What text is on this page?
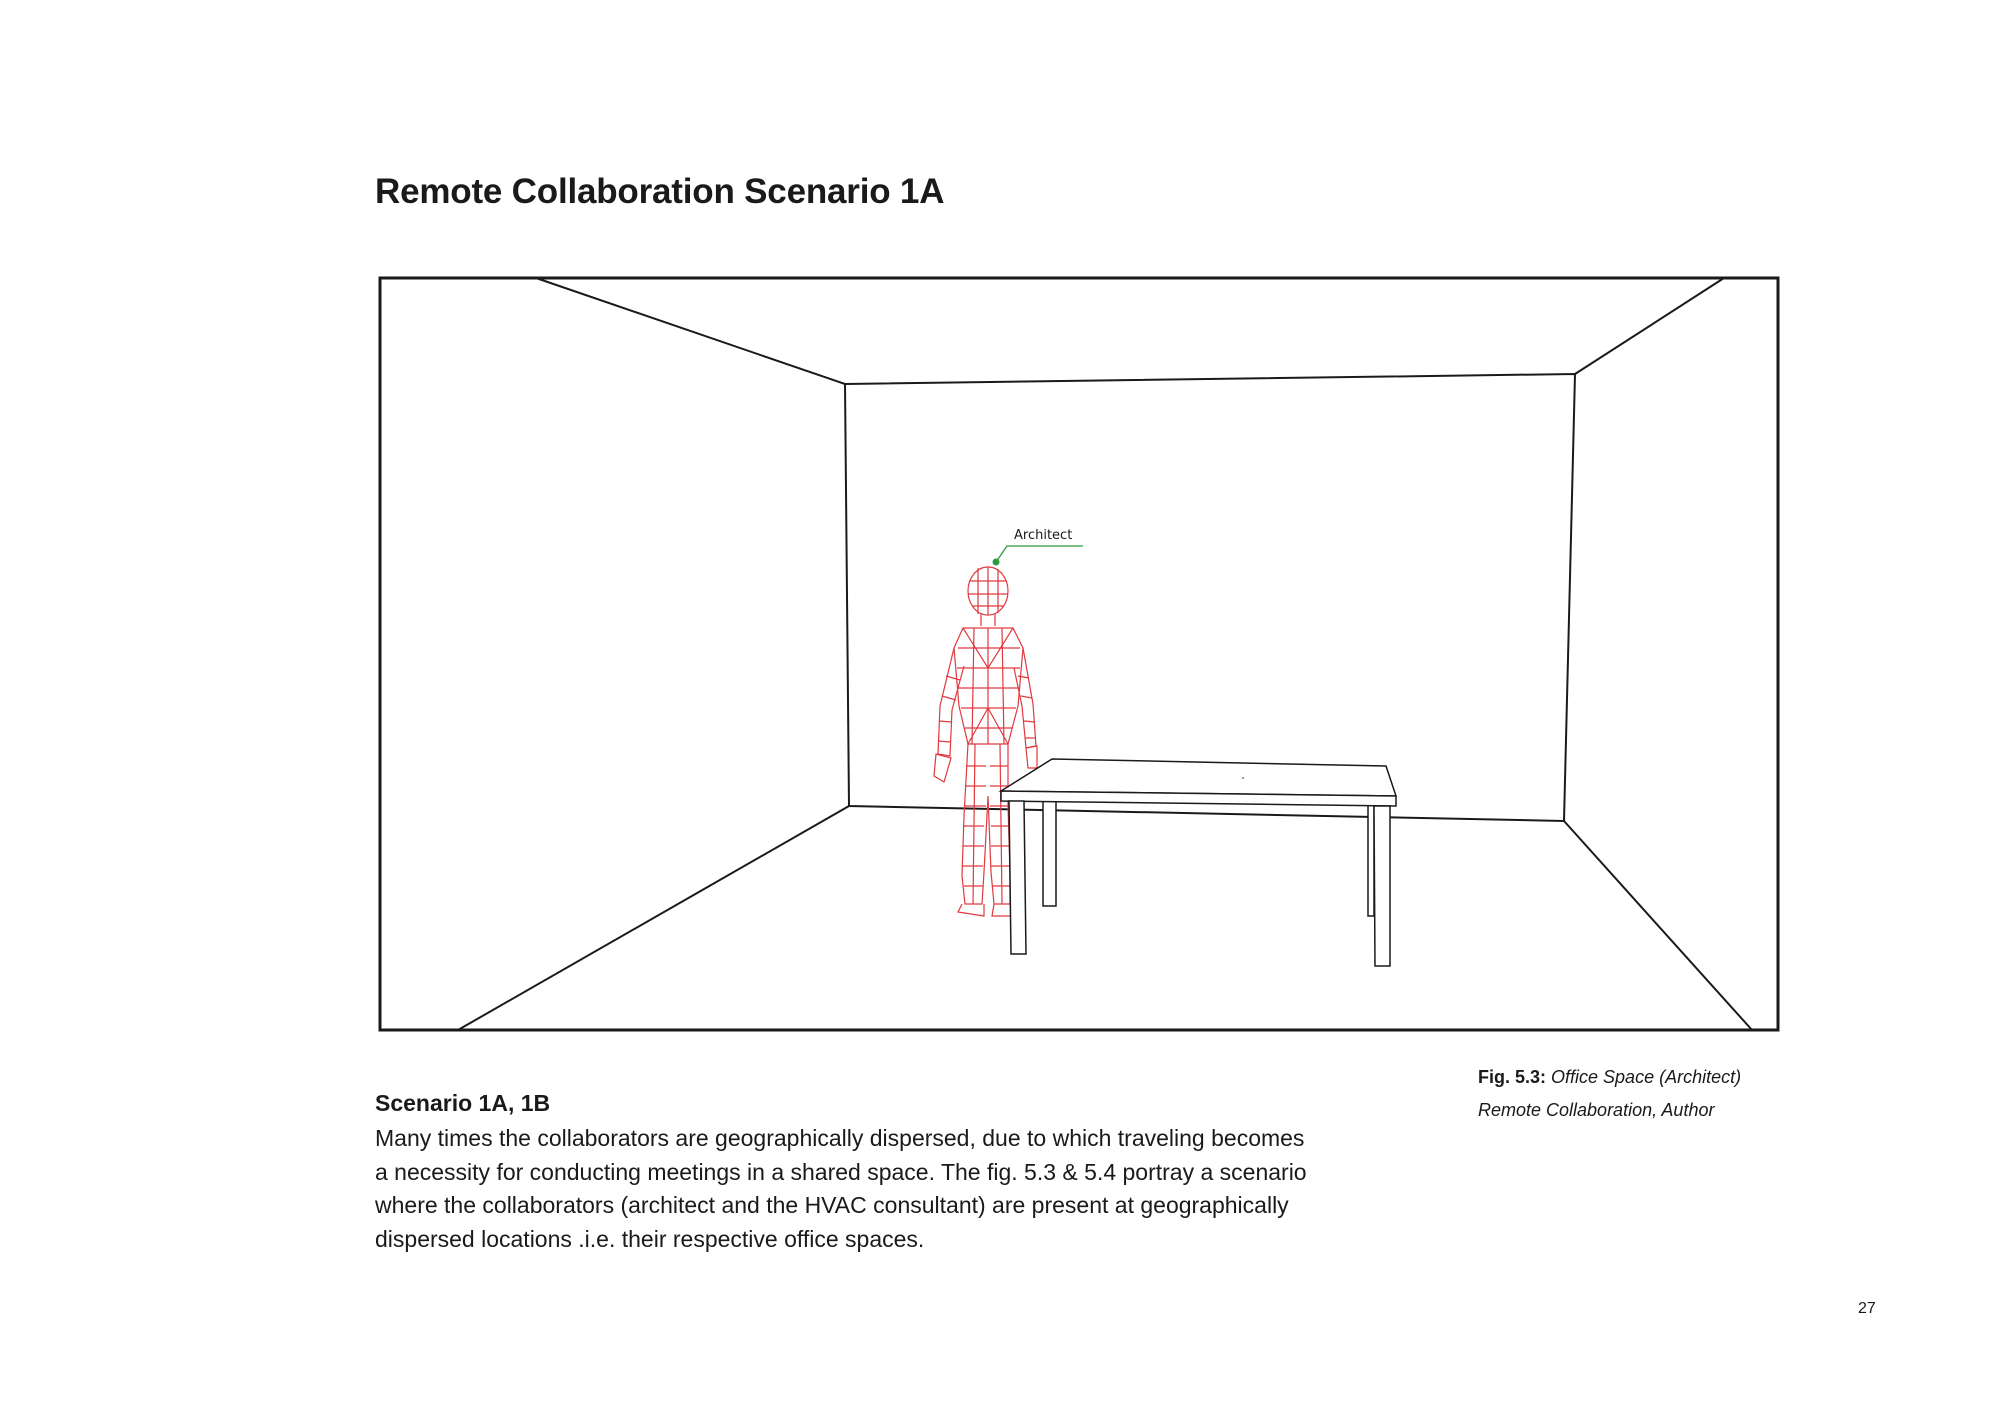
Remote Collaboration Scenario 1A
Architect
Scenario 1A, 1B

Many times the collaborators are geographically dispersed, due to which traveling becomes a necessity for conducting meetings in a shared space. The fig. 5.3 & 5.4 portray a scenario where the collaborators (architect and the HVAC consultant) are present at geographically dispersed locations .i.e. their respective office spaces.

Fig. 5.3: Office Space (Architect) Remote Collaboration, Author
27
